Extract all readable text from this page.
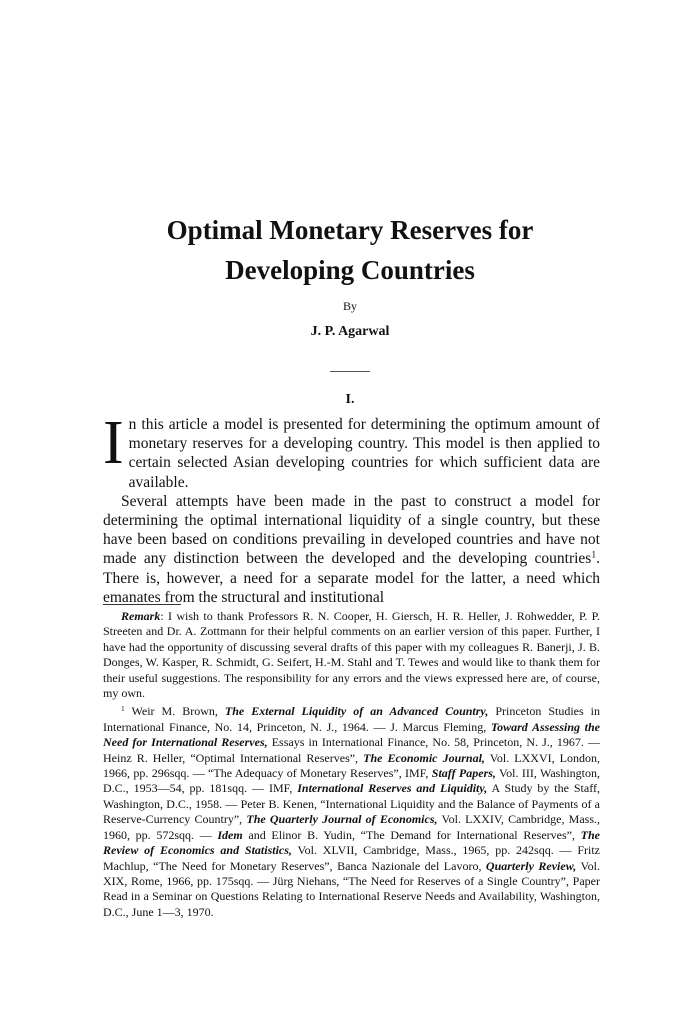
Optimal Monetary Reserves for
Developing Countries
By
J. P. Agarwal
I.

In this article a model is presented for determining the optimum amount of monetary reserves for a developing country. This model is then applied to certain selected Asian developing countries for which sufficient data are available.

Several attempts have been made in the past to construct a model for determining the optimal international liquidity of a single country, but these have been based on conditions prevailing in developed countries and have not made any distinction between the developed and the developing countries$^1$. There is, however, a need for a separate model for the latter, a need which emanates from the structural and institutional

Remark: I wish to thank Professors R. N. Cooper, H. Giersch, H. R. Heller, J. Rohwedder, P. P. Streeten and Dr. A. Zottmann for their helpful comments on an earlier version of this paper. Further, I have had the opportunity of discussing several drafts of this paper with my colleagues R. Banerji, J. B. Donges, W. Kasper, R. Schmidt, G. Seifert, H.-M. Stahl and T. Tewes and would like to thank them for their useful suggestions. The responsibility for any errors and the views expressed here are, of course, my own.

$^1$ Weir M. Brown, The External Liquidity of an Advanced Country, Princeton Studies in International Finance, No. 14, Princeton, N. J., 1964. — J. Marcus Fleming, Toward Assessing the Need for International Reserves, Essays in International Finance, No. 58, Princeton, N. J., 1967. — Heinz R. Heller, “Optimal International Reserves”, The Economic Journal, Vol. LXXVI, London, 1966, pp. 296sqq. — “The Adequacy of Monetary Reserves”, IMF, Staff Papers, Vol. III, Washington, D.C., 1953—54, pp. 181sqq. — IMF, International Reserves and Liquidity, A Study by the Staff, Washington, D.C., 1958. — Peter B. Kenen, “International Liquidity and the Balance of Payments of a Reserve-Currency Country”, The Quarterly Journal of Economics, Vol. LXXIV, Cambridge, Mass., 1960, pp. 572sqq. — Idem and Elinor B. Yudin, “The Demand for International Reserves”, The Review of Economics and Statistics, Vol. XLVII, Cambridge, Mass., 1965, pp. 242sqq. — Fritz Machlup, “The Need for Monetary Reserves”, Banca Nazionale del Lavoro, Quarterly Review, Vol. XIX, Rome, 1966, pp. 175sqq. — Jürg Niehans, “The Need for Reserves of a Single Country”, Paper Read in a Seminar on Questions Relating to International Reserve Needs and Availability, Washington, D.C., June 1—3, 1970.
